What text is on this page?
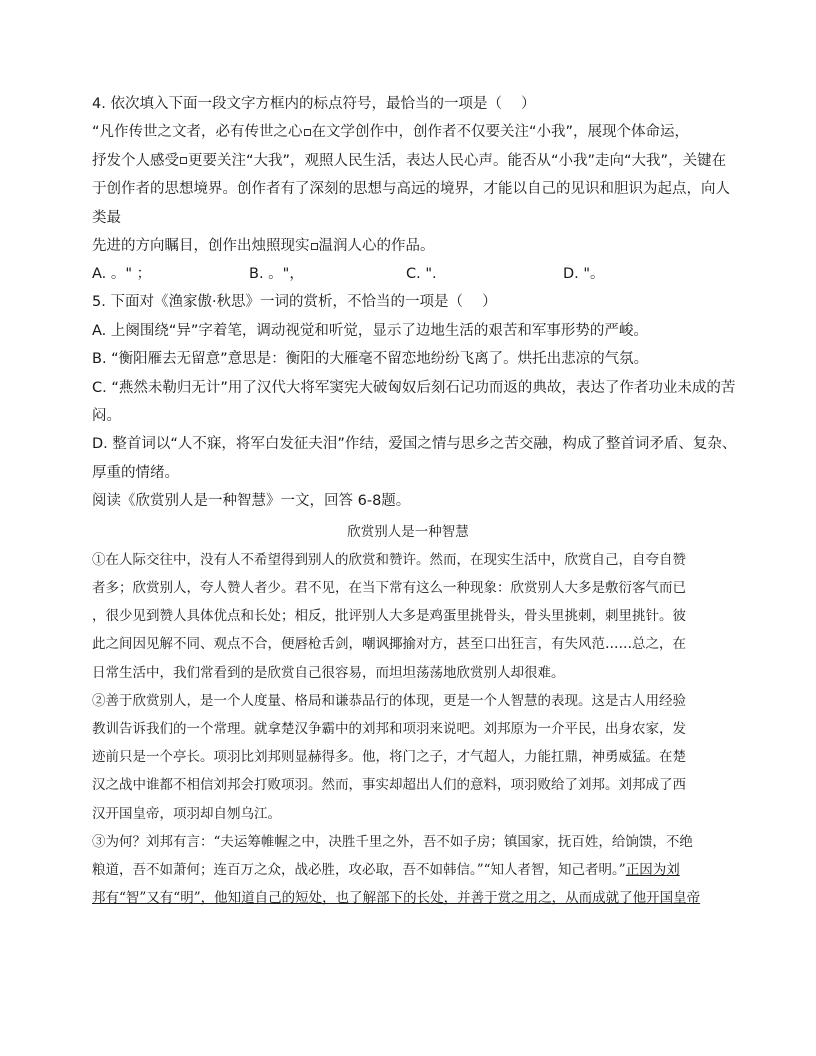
4. 依次填入下面一段文字方框内的标点符号，最恰当的一项是（　 ）
“凡作传世之文者，必有传世之心 在文学创作中，创作者不仅要关注“小我”，展现个体命运，
抒发个人感受 更要关注“大我”，观照人民生活，表达人民心声。能否从“小我”走向“大我”，关键在
于创作者的思想境界。创作者有了深刻的思想与高远的境界，才能以自己的见识和胆识为起点，向人
类最
先进的方向瞩目，创作出烛照现实 温润人心的作品。
A. 。" ；	B. 。"，	C. ".	D. "。
5. 下面对《渔家傲·秋思》一词的赏析，不恰当的一项是（　 ）
A. 上阕围绕“异”字着笔，调动视觉和听觉，显示了边地生活的艰苦和军事形势的严峻。
B. “衡阳雁去无留意”意思是：衡阳的大雁毫不留恋地纷纷飞离了。烘托出悲凉的气氛。
C. “燕然未勒归无计”用了汉代大将军窦宪大破匈奴后刻石记功而返的典故，表达了作者功业未成的苦
闷。
D. 整首词以“人不寐，将军白发征夫泪”作结，爱国之情与思乡之苦交融，构成了整首词矛盾、复杂、
厚重的情绪。
阅读《欣赏别人是一种智慧》一文，回答 6-8题。
欣赏别人是一种智慧
①在人际交往中，没有人不希望得到别人的欣赏和赞许。然而，在现实生活中，欣赏自己，自夸自赞
者多；欣赏别人，夸人赞人者少。君不见，在当下常有这么一种现象：欣赏别人大多是敷衍客气而已
，很少见到赞人具体优点和长处；相反，批评别人大多是鸡蛋里挑骨头，骨头里挑刺，刺里挑针。彼
此之间因见解不同、观点不合，便唇枪舌剑，嘲讽揶揄对方，甚至口出狂言，有失风范……总之，在
日常生活中，我们常看到的是欣赏自己很容易，而坦坦荡荡地欣赏别人却很难。
②善于欣赏别人，是一个人度量、格局和谦恭品行的体现，更是一个人智慧的表现。这是古人用经验
教训告诉我们的一个常理。就拿楚汉争霸中的刘邦和项羽来说吧。刘邦原为一介平民，出身农家，发
迹前只是一个亭长。项羽比刘邦则显赫得多。他，将门之子，才气超人，力能扛鼎，神勇威猛。在楚
汉之战中谁都不相信刘邦会打败项羽。然而，事实却超出人们的意料，项羽败给了刘邦。刘邦成了西
汉开国皇帝，项羽却自刎乌江。
③为何？刘邦有言：“夫运筹帷幄之中，决胜千里之外，吾不如子房；镇国家，抚百姓，给饷馈，不绝
粮道，吾不如萧何；连百万之众，战必胜，攻必取，吾不如韩信。”“知人者智，知己者明。”正因为刘
邦有“智”又有“明”，他知道自己的短处，也了解部下的长处，并善于赏之用之，从而成就了他开国皇帝
